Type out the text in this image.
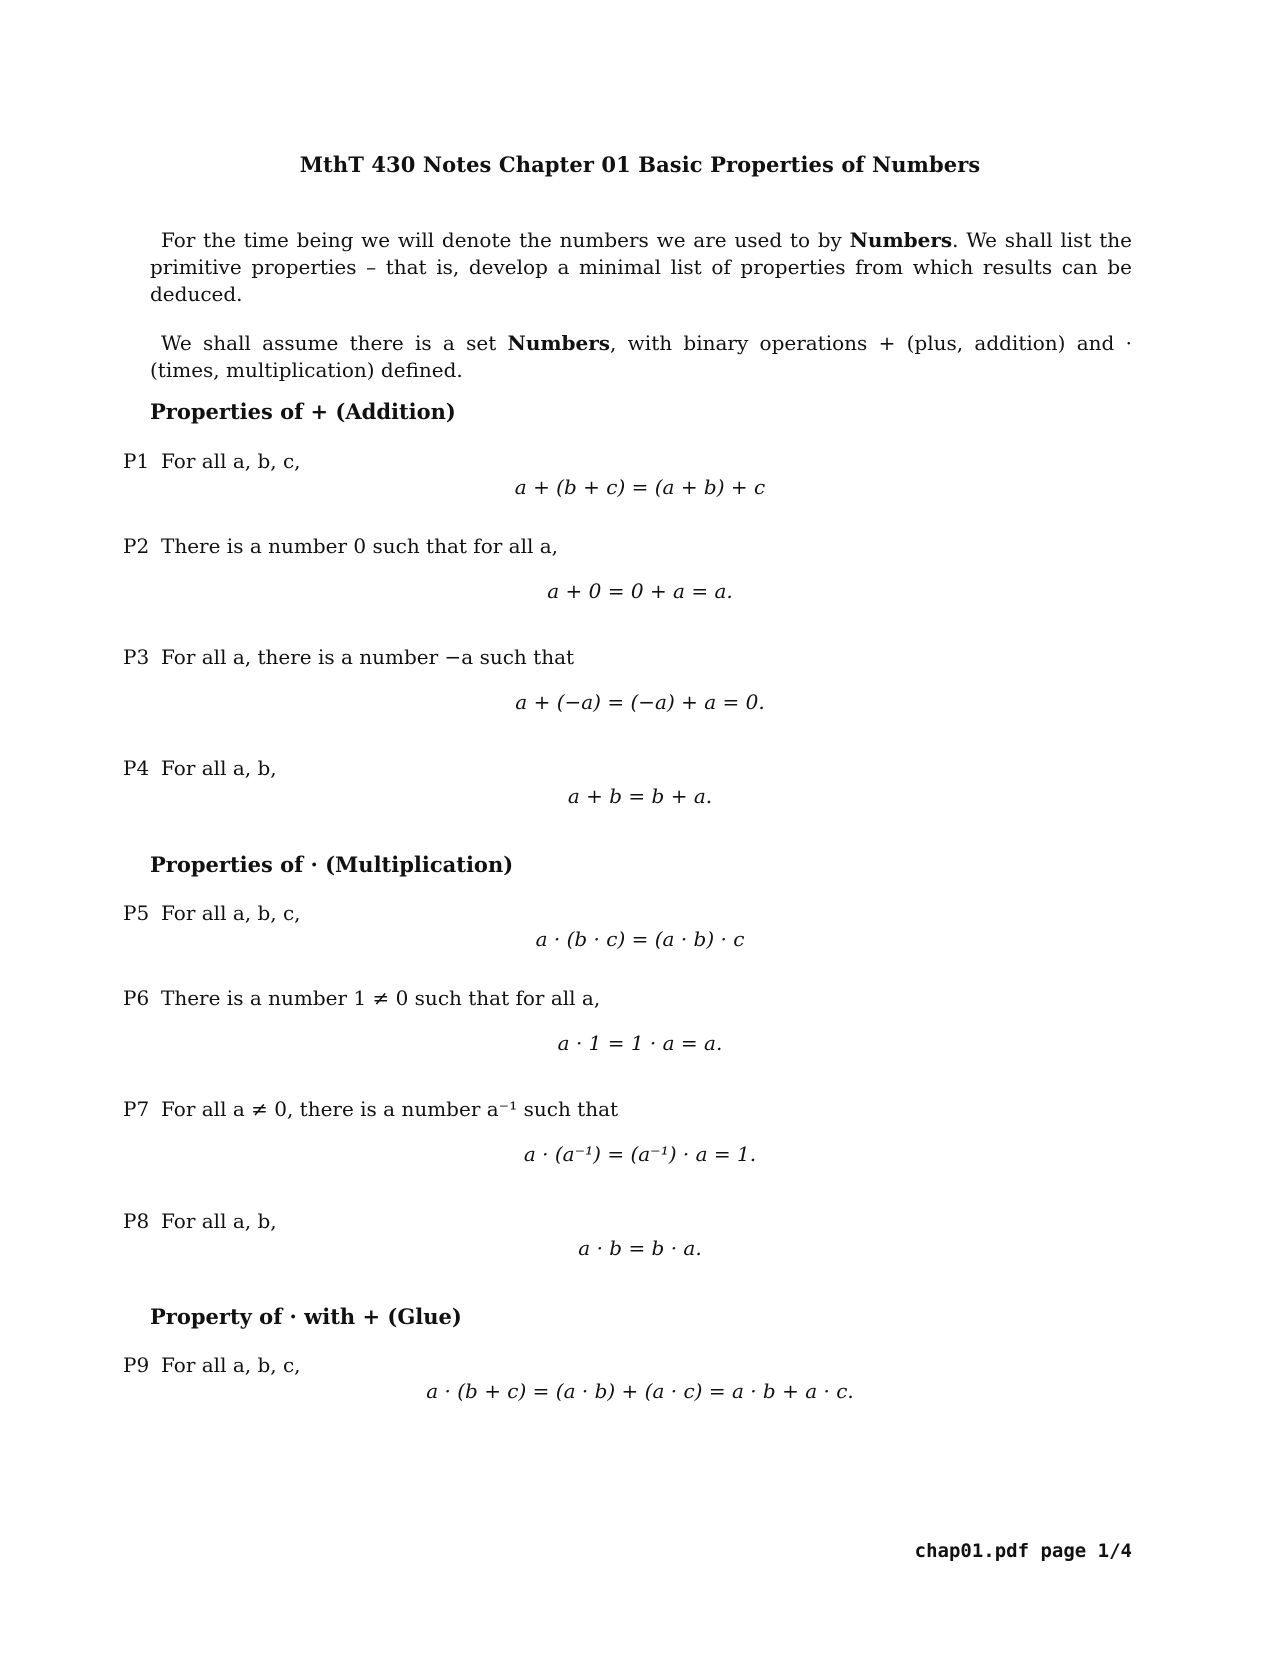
MthT 430 Notes Chapter 01 Basic Properties of Numbers

For the time being we will denote the numbers we are used to by Numbers. We shall list the primitive properties – that is, develop a minimal list of properties from which results can be deduced.

We shall assume there is a set Numbers, with binary operations + (plus, addition) and · (times, multiplication) defined.

Properties of + (Addition)
P1 For all a, b, c,
a + (b + c) = (a + b) + c
P2 There is a number 0 such that for all a,
a + 0 = 0 + a = a.
P3 For all a, there is a number −a such that
a + (−a) = (−a) + a = 0.
P4 For all a, b,
a + b = b + a.
Properties of · (Multiplication)
P5 For all a, b, c,
a · (b · c) = (a · b) · c
P6 There is a number 1 ≠ 0 such that for all a,
a · 1 = 1 · a = a.
P7 For all a ≠ 0, there is a number a⁻¹ such that
a · (a⁻¹) = (a⁻¹) · a = 1.
P8 For all a, b,
a · b = b · a.
Property of · with + (Glue)
P9 For all a, b, c,
a · (b + c) = (a · b) + (a · c) = a · b + a · c.
chap01.pdf page 1/4
